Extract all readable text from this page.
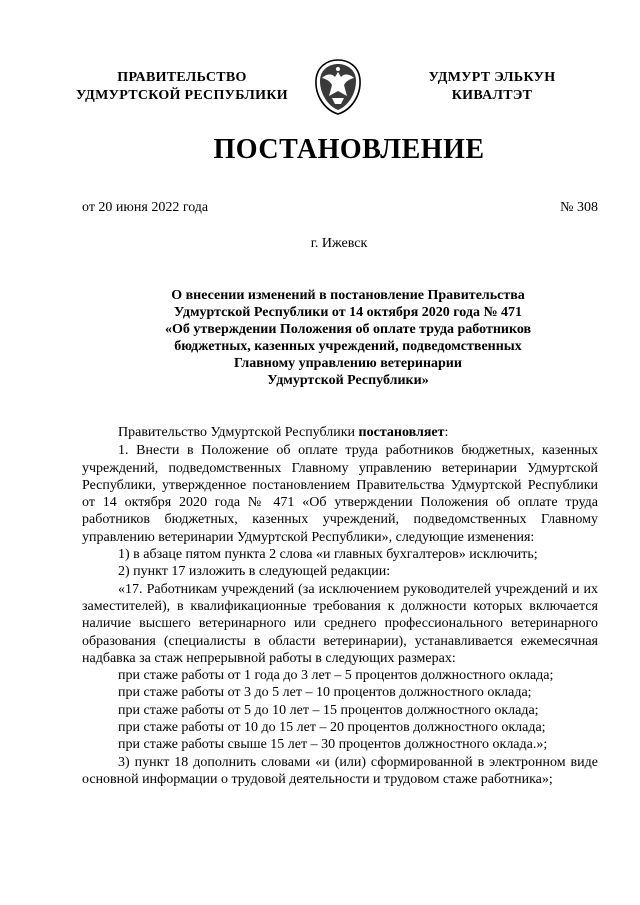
ПРАВИТЕЛЬСТВО
УДМУРТСКОЙ РЕСПУБЛИКИ
УДМУРТ ЭЛЬКУН
КИВАЛТЭТ
ПОСТАНОВЛЕНИЕ
от 20 июня 2022 года	№ 308
г. Ижевск
О внесении изменений в постановление Правительства
Удмуртской Республики от 14 октября 2020 года № 471
«Об утверждении Положения об оплате труда работников
бюджетных, казенных учреждений, подведомственных
Главному управлению ветеринарии
Удмуртской Республики»

Правительство Удмуртской Республики постановляет:

1. Внести в Положение об оплате труда работников бюджетных, казенных учреждений, подведомственных Главному управлению ветеринарии Удмуртской Республики, утвержденное постановлением Правительства Удмуртской Республики от 14 октября 2020 года № 471 «Об утверждении Положения об оплате труда работников бюджетных, казенных учреждений, подведомственных Главному управлению ветеринарии Удмуртской Республики», следующие изменения:

1) в абзаце пятом пункта 2 слова «и главных бухгалтеров» исключить;

2) пункт 17 изложить в следующей редакции:

«17. Работникам учреждений (за исключением руководителей учреждений и их заместителей), в квалификационные требования к должности которых включается наличие высшего ветеринарного или среднего профессионального ветеринарного образования (специалисты в области ветеринарии), устанавливается ежемесячная надбавка за стаж непрерывной работы в следующих размерах:

при стаже работы от 1 года до 3 лет – 5 процентов должностного оклада;

при стаже работы от 3 до 5 лет – 10 процентов должностного оклада;

при стаже работы от 5 до 10 лет – 15 процентов должностного оклада;

при стаже работы от 10 до 15 лет – 20 процентов должностного оклада;

при стаже работы свыше 15 лет – 30 процентов должностного оклада.»;

3) пункт 18 дополнить словами «и (или) сформированной в электронном виде основной информации о трудовой деятельности и трудовом стаже работника»;
